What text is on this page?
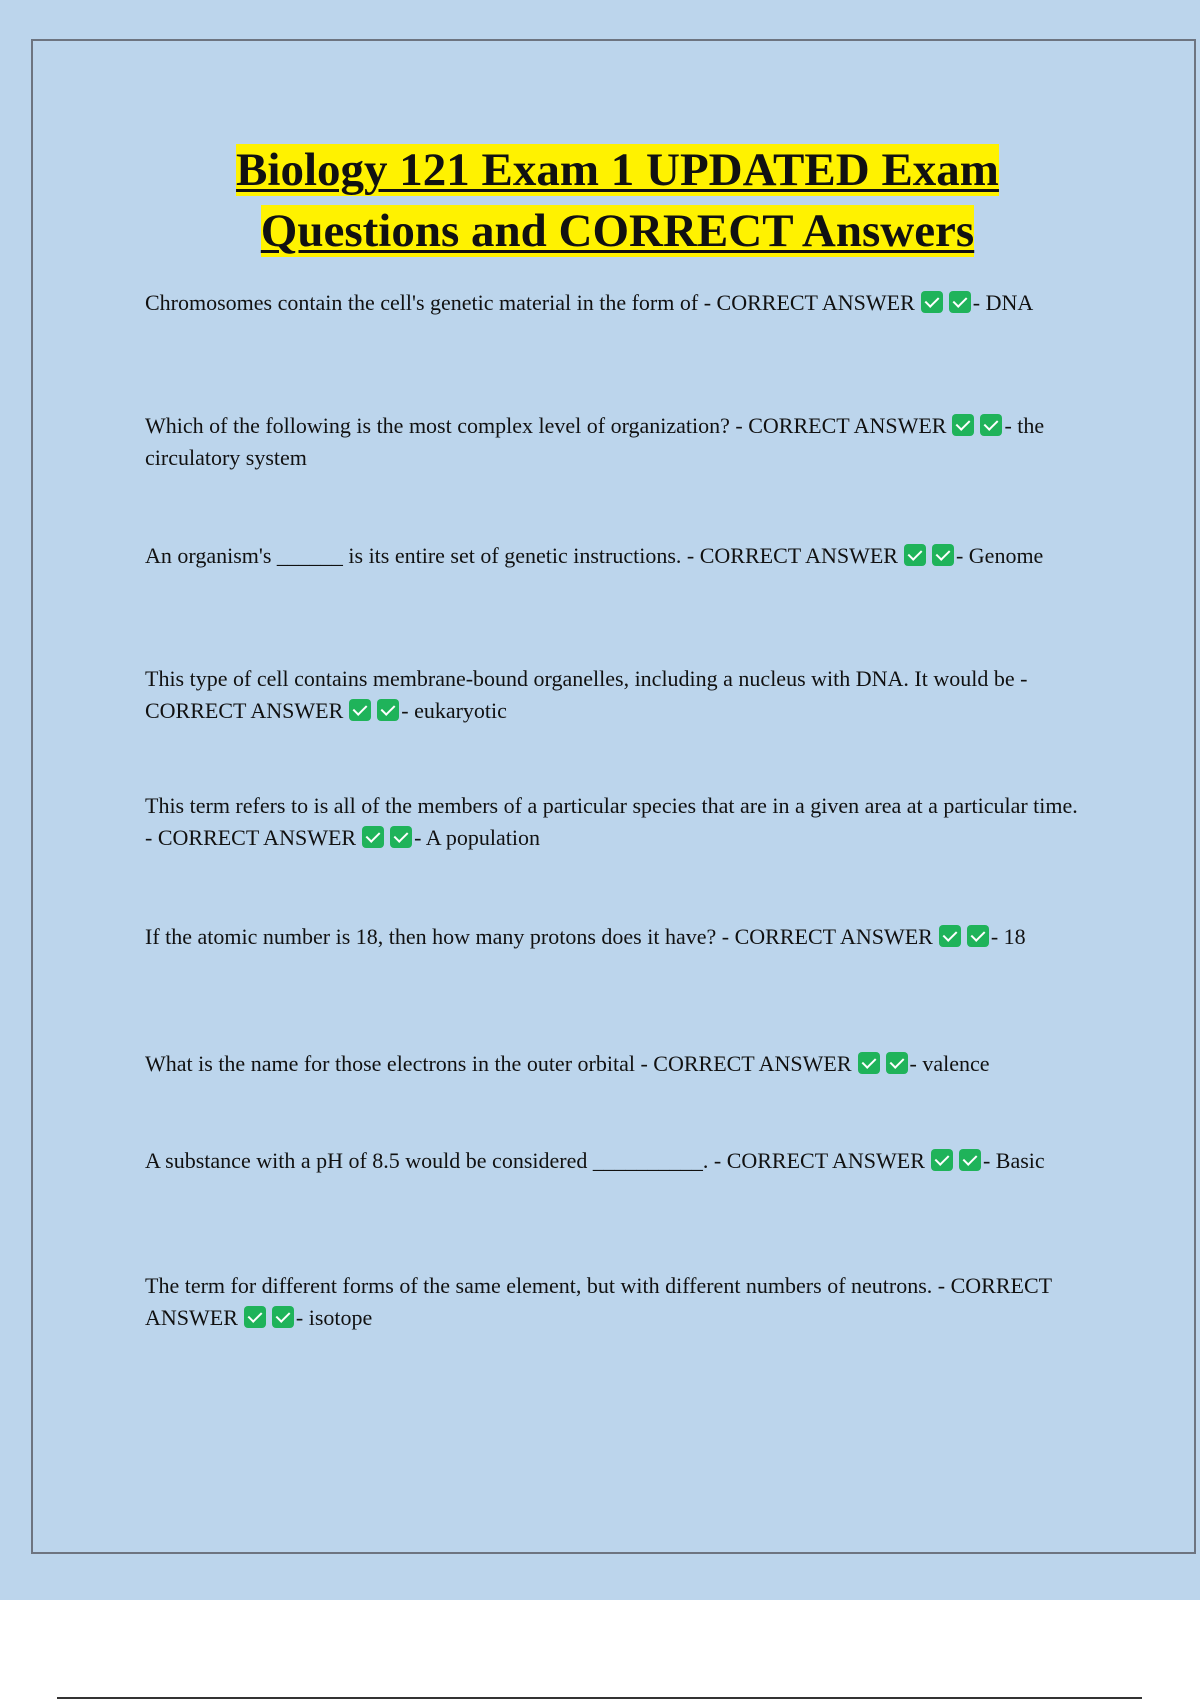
Biology 121 Exam 1 UPDATED Exam
Questions and CORRECT Answers

Chromosomes contain the cell's genetic material in the form of - CORRECT ANSWER	- DNA

Which of the following is the most complex level of organization? - CORRECT ANSWER	- the circulatory system

An organism's ______ is its entire set of genetic instructions. - CORRECT ANSWER	- Genome

This type of cell contains membrane-bound organelles, including a nucleus with DNA. It would be - CORRECT ANSWER	- eukaryotic

This term refers to is all of the members of a particular species that are in a given area at a particular time. - CORRECT ANSWER	- A population

If the atomic number is 18, then how many protons does it have? - CORRECT ANSWER	- 18

What is the name for those electrons in the outer orbital - CORRECT ANSWER	- valence

A substance with a pH of 8.5 would be considered __________. - CORRECT ANSWER	- Basic

The term for different forms of the same element, but with different numbers of neutrons. - CORRECT ANSWER	- isotope
